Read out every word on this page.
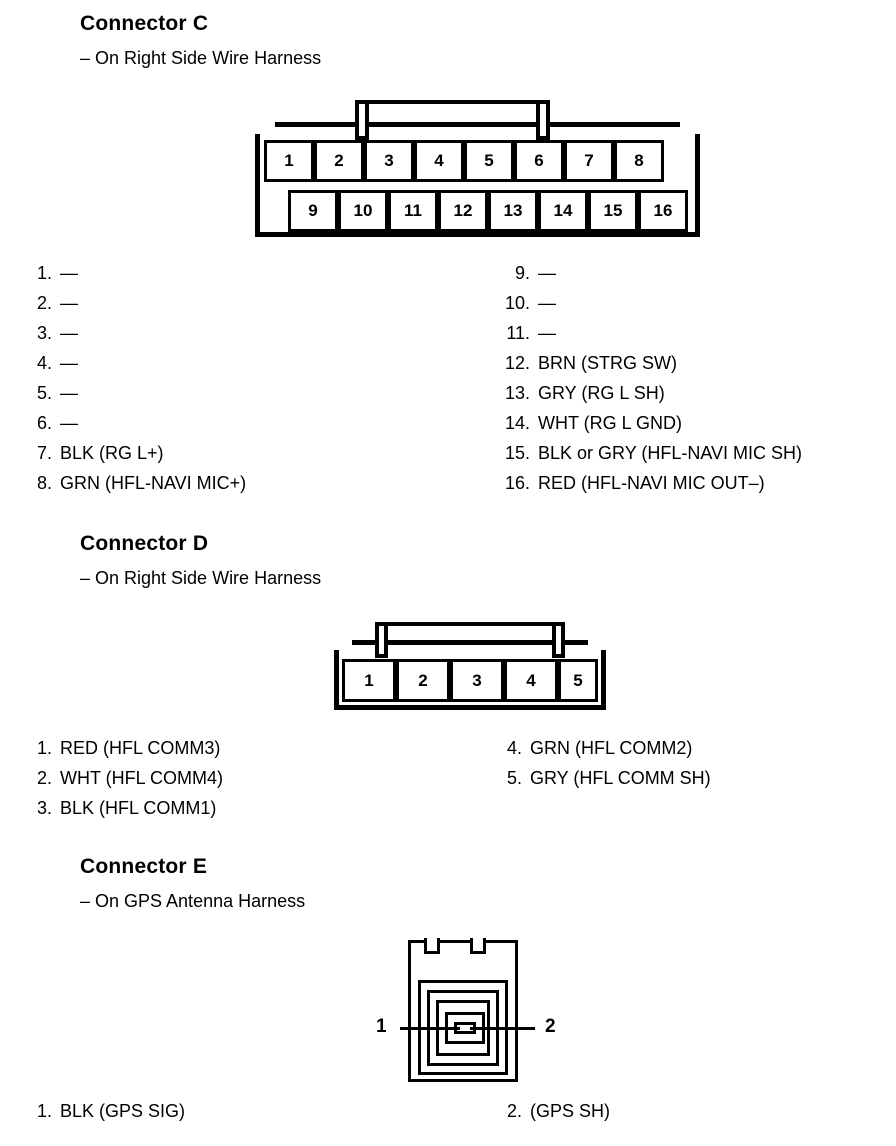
Connector C
– On Right Side Wire Harness
1	2	3	4	5	6	7	8
9	10	11	12	13	14	15	16
1. —
2. —
3. —
4. —
5. —
6. —
7. BLK (RG L+)
8. GRN (HFL-NAVI MIC+)
9. —
10. —
11. —
12. BRN (STRG SW)
13. GRY (RG L SH)
14. WHT (RG L GND)
15. BLK or GRY (HFL-NAVI MIC SH)
16. RED (HFL-NAVI MIC OUT–)
Connector D
– On Right Side Wire Harness
1	2	3	4	5
1. RED (HFL COMM3)
2. WHT (HFL COMM4)
3. BLK (HFL COMM1)
4. GRN (HFL COMM2)
5. GRY (HFL COMM SH)
Connector E
– On GPS Antenna Harness
1	2
1. BLK (GPS SIG)	2. (GPS SH)
